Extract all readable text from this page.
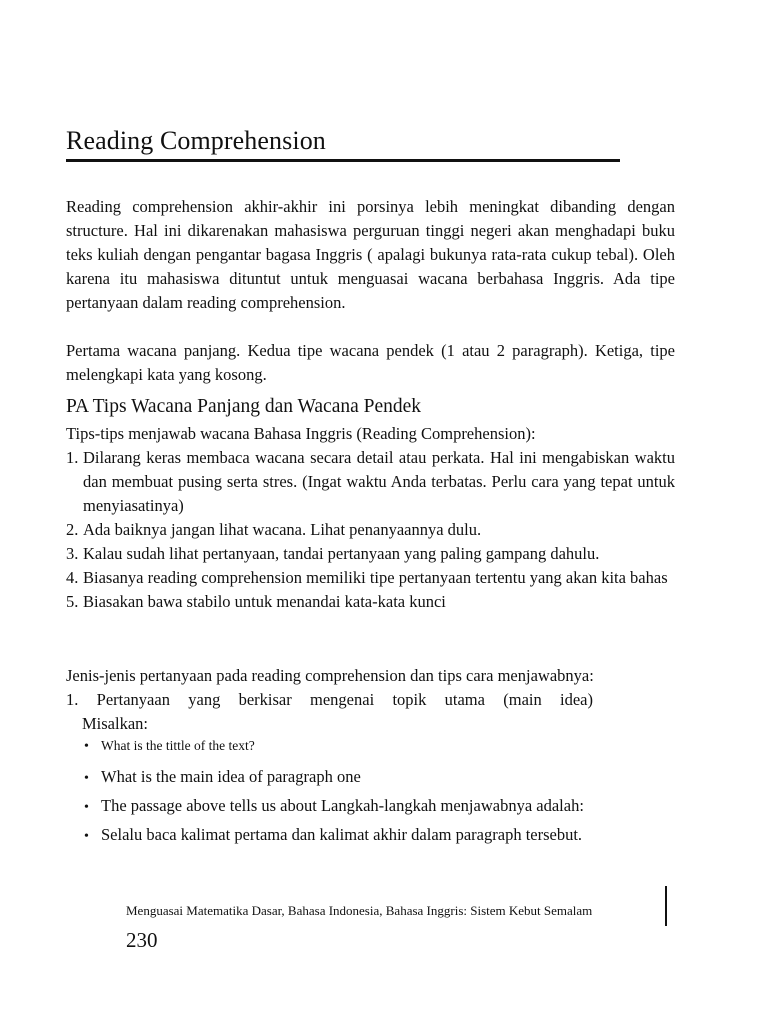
Reading Comprehension
Reading comprehension akhir-akhir ini porsinya lebih meningkat dibanding dengan structure. Hal ini dikarenakan mahasiswa perguruan tinggi negeri akan menghadapi buku teks kuliah dengan pengantar bagasa Inggris ( apalagi bukunya rata-rata cukup tebal). Oleh karena itu mahasiswa dituntut untuk menguasai wacana berbahasa Inggris. Ada tipe pertanyaan dalam reading comprehension.
Pertama wacana panjang. Kedua tipe wacana pendek (1 atau 2 paragraph). Ketiga, tipe melengkapi kata yang kosong.
PA Tips Wacana Panjang dan Wacana Pendek
Tips-tips menjawab wacana Bahasa Inggris (Reading Comprehension):
1. Dilarang keras membaca wacana secara detail atau perkata. Hal ini mengabiskan waktu dan membuat pusing serta stres. (Ingat waktu Anda terbatas. Perlu cara yang tepat untuk menyiasatinya)
2. Ada baiknya jangan lihat wacana. Lihat penanyaannya dulu.
3. Kalau sudah lihat pertanyaan, tandai pertanyaan yang paling gampang dahulu.
4. Biasanya reading comprehension memiliki tipe pertanyaan tertentu yang akan kita bahas
5. Biasakan bawa stabilo untuk menandai kata-kata kunci
Jenis-jenis pertanyaan pada reading comprehension dan tips cara menjawabnya:
1. Pertanyaan yang berkisar mengenai topik utama (main idea)
Misalkan:
• What is the tittle of the text?
• What is the main idea of paragraph one
• The passage above tells us about Langkah-langkah menjawabnya adalah:
• Selalu baca kalimat pertama dan kalimat akhir dalam paragraph tersebut.
Menguasai Matematika Dasar, Bahasa Indonesia, Bahasa Inggris: Sistem Kebut Semalam
230
